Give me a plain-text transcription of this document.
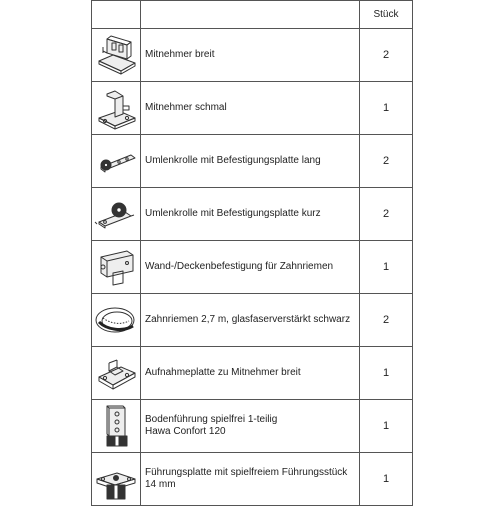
		Stück

	Mitnehmer breit	2

	Mitnehmer schmal	1

	Umlenkrolle mit Befestigungsplatte lang	2

	Umlenkrolle mit Befestigungsplatte kurz	2

	Wand-/Deckenbefestigung für Zahnriemen	1

	Zahnriemen 2,7 m, glasfaserverstärkt schwarz	2

	Aufnahmeplatte zu Mitnehmer breit	1

Bodenführung spielfrei 1-teilig
Hawa Confort 120	1

Führungsplatte mit spielfreiem Führungsstück
14 mm	1
